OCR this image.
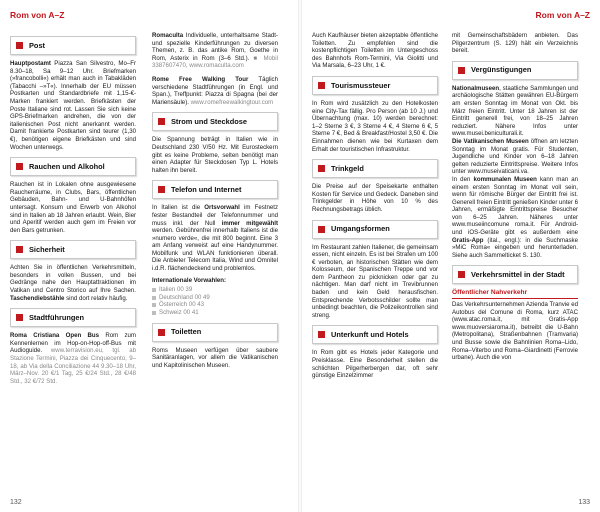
Rom von A–Z
Post

Hauptpostamt Piazza San Silvestro, Mo–Fr 8.30–18, Sa 9–12 Uhr. Briefmarken (»francobolli«) erhält man auch in Tabakläden (Tabacchi –»T«). Innerhalb der EU müssen Postkarten und Standardbriefe mit 1,15-€-Marken frankiert werden. Briefkästen der Poste Italiane sind rot. Lassen Sie sich keine GPS-Briefmarken andrehen, die von der italienischen Post nicht anerkannt werden. Damit frankierte Postkarten sind teurer (1,30 €), benötigen eigene Briefkästen und sind Wochen unterwegs.

Rauchen und Alkohol

Rauchen ist in Lokalen ohne ausgewiesene Raucherräume, in Clubs, Bars, öffentlichen Gebäuden, Bahn- und U-Bahnhöfen untersagt. Konsum und Erwerb von Alkohol sind in Italien ab 18 Jahren erlaubt. Wein, Bier und Aperitif werden auch gern im Freien vor den Bars getrunken.

Sicherheit

Achten Sie in öffentlichen Verkehrsmitteln, besonders in vollen Bussen, und bei Gedränge nahe den Hauptattraktionen im Vatikan und Centro Storico auf Ihre Sachen. Taschendiebstähle sind dort relativ häufig.

Stadtführungen

Roma Cristiana Open Bus Rom zum Kennenlernen im Hop-on-Hop-off-Bus mit Audioguide. www.terravision.eu, tgl. ab Stazione Termini, Piazza dei Cinquecento, 9–18, ab Via della Conciliazione 44 9.30–18 Uhr, März–Nov. 20 €/1 Tag, 25 €/24 Std., 28 €/48 Std., 32 €/72 Std.

Romaculta Individuelle, unterhaltsame Stadt- und spezielle Kinderführungen zu diversen Themen, z. B. das antike Rom, Goethe in Rom, Asterix in Rom (3–6 Std.). ■ Mobil 3387607470, www.romaculta.com

Rome Free Walking Tour Täglich verschiedene Stadtführungen (in Engl. und Span.), Treffpunkt: Piazza di Spagna (bei der Mariensäule). www.romefreewalkingtour.com

Strom und Steckdose

Die Spannung beträgt in Italien wie in Deutschland 230 V/50 Hz. Mit Eurosteckern gibt es keine Probleme, selten benötigt man einen Adapter für Steckdosen Typ L. Hotels halten ihn bereit.

Telefon und Internet

In Italien ist die Ortsvorwahl im Festnetz fester Bestandteil der Telefonnummer und muss inkl. der Null immer mitgewählt werden. Gebührenfrei innerhalb Italiens ist die »numero verde«, die mit 800 beginnt. Eine 3 am Anfang verweist auf eine Handynummer. Mobilfunk und WLAN funktionieren überall. Die Anbieter Telecom Italia, Wind und Omnitel i.d.R. flächendeckend und problemlos.

Internationale Vorwahlen:

Italien 00 39
Deutschland 00 49
Österreich 00 43
Schweiz 00 41
Toiletten

Roms Museen verfügen über saubere Sanitäranlagen, vor allem die Vatikanischen und Kapitolinischen Museen.

132
Rom von A–Z
133

Auch Kaufhäuser bieten akzeptable öffentliche Toiletten. Zu empfehlen sind die kostenpflichtigen Toiletten im Untergeschoss des Bahnhofs Rom-Termini, Via Giolitti und Via Marsala, 6–23 Uhr, 1 €.

Tourismussteuer

In Rom wird zusätzlich zu den Hotelkosten eine City-Tax fällig. Pro Person (ab 10 J.) und Übernachtung (max. 10) werden berechnet: 1–2 Sterne 3 €, 3 Sterne 4 €, 4 Sterne 6 €, 5 Sterne 7 €, Bed & Breakfast/Hostel 3,50 €. Die Einnahmen dienen wie bei Kurtaxen dem Erhalt der touristischen Infrastruktur.

Trinkgeld

Die Preise auf der Speisekarte enthalten Kosten für Service und Gedeck. Daneben sind Trinkgelder in Höhe von 10 % des Rechnungsbetrags üblich.

Umgangsformen

Im Restaurant zahlen Italiener, die gemeinsam essen, nicht einzeln. Es ist bei Strafen um 100 € verboten, an historischen Stätten wie dem Kolosseum, der Spanischen Treppe und vor dem Pantheon zu picknicken oder gar zu nächtigen. Man darf nicht im Trevibrunnen baden und kein Geld herausfischen. Entsprechende Verbotsschilder sollte man unbedingt beachten, die Polizeikontrollen sind streng.

Unterkunft und Hotels

In Rom gibt es Hotels jeder Kategorie und Preisklasse. Eine Besonderheit stellen die schlichten Pilgerherbergen dar, oft sehr günstige Einzelzimmer

mit Gemeinschaftsbädern anbieten. Das Pilgerzentrum (S. 129) hält ein Verzeichnis bereit.

Vergünstigungen

Nationalmuseen, staatliche Sammlungen und archäologische Stätten gewähren EU-Bürgern am ersten Sonntag im Monat von Okt. bis März freien Eintritt. Unter 18 Jahren ist der Eintritt generell frei, von 18–25 Jahren reduziert. Nähere Infos unter www.musei.beniculturali.it.

Die Vatikanischen Museen öffnen am letzten Sonntag im Monat gratis. Für Studenten, Jugendliche und Kinder von 6–18 Jahren gelten reduzierte Eintrittspreise. Weitere Infos unter www.museivaticani.va.

In den kommunalen Museen kann man an einem ersten Sonntag im Monat voll sein, wenn für römische Bürger der Eintritt frei ist. Generell freien Eintritt genießen Kinder unter 6 Jahren, ermäßigte Eintrittspreise Besucher von 6–25 Jahren. Näheres unter www.museiincomune roma.it. Für Android- und iOS-Geräte gibt es außerdem eine Gratis-App (ital., engl.): in die Suchmaske »MiC Roma« eingeben und herunterladen. Siehe auch Sammelticket S. 130.

Verkehrsmittel in der Stadt
Öffentlicher Nahverkehr

Das Verkehrsunternehmen Azienda Tranvie ed Autobus del Comune di Roma, kurz ATAC (www.atac.roma.it, mit Gratis-App www.muoversiaroma.it), betreibt die U-Bahn (Metropolitana), Straßenbahnen (Tramvaria) und Busse sowie die Bahnlinien Roma–Lido, Roma–Viterbo und Roma–Giardinetti (Ferrovie urbane). Auch die von
